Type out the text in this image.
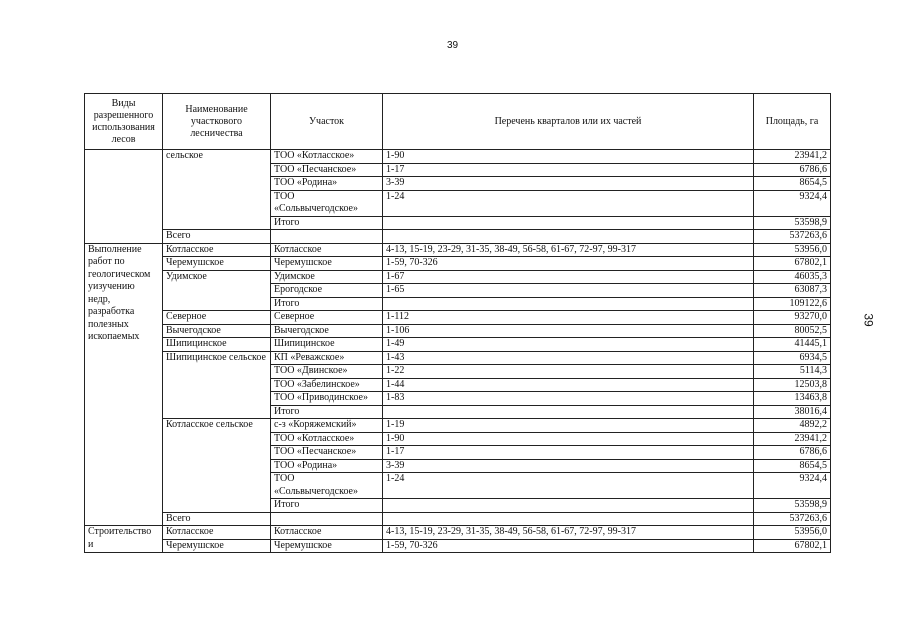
39
39
Виды разрешенного использования лесов	Наименование участкового лесничества	Участок	Перечень кварталов или их частей	Площадь, га
	сельское	ТОО «Котласское»	1-90	23941,2
		ТОО «Песчанское»	1-17	6786,6
		ТОО «Родина»	3-39	8654,5
		ТОО «Сольвычегодское»	1-24	9324,4
		Итого		53598,9
	Всего			537263,6
Выполнение работ по геологическом уизучению недр, разработка полезных ископаемых	Котласское	Котласское	4-13, 15-19, 23-29, 31-35, 38-49, 56-58, 61-67, 72-97, 99-317	53956,0
	Черемушское	Черемушское	1-59, 70-326	67802,1
	Удимское	Удимское	1-67	46035,3
		Ерогодское	1-65	63087,3
		Итого		109122,6
	Северное	Северное	1-112	93270,0
	Вычегодское	Вычегодское	1-106	80052,5
	Шипицинское	Шипицинское	1-49	41445,1
	Шипицинское сельское	КП «Реважское»	1-43	6934,5
		ТОО «Двинское»	1-22	5114,3
		ТОО «Забелинское»	1-44	12503,8
		ТОО «Приводинское»	1-83	13463,8
		Итого		38016,4
	Котласское сельское	с-з «Коряжемский»	1-19	4892,2
		ТОО «Котласское»	1-90	23941,2
		ТОО «Песчанское»	1-17	6786,6
		ТОО «Родина»	3-39	8654,5
		ТОО «Сольвычегодское»	1-24	9324,4
		Итого		53598,9
	Всего			537263,6
Строительство и	Котласское	Котласское	4-13, 15-19, 23-29, 31-35, 38-49, 56-58, 61-67, 72-97, 99-317	53956,0
	Черемушское	Черемушское	1-59, 70-326	67802,1
